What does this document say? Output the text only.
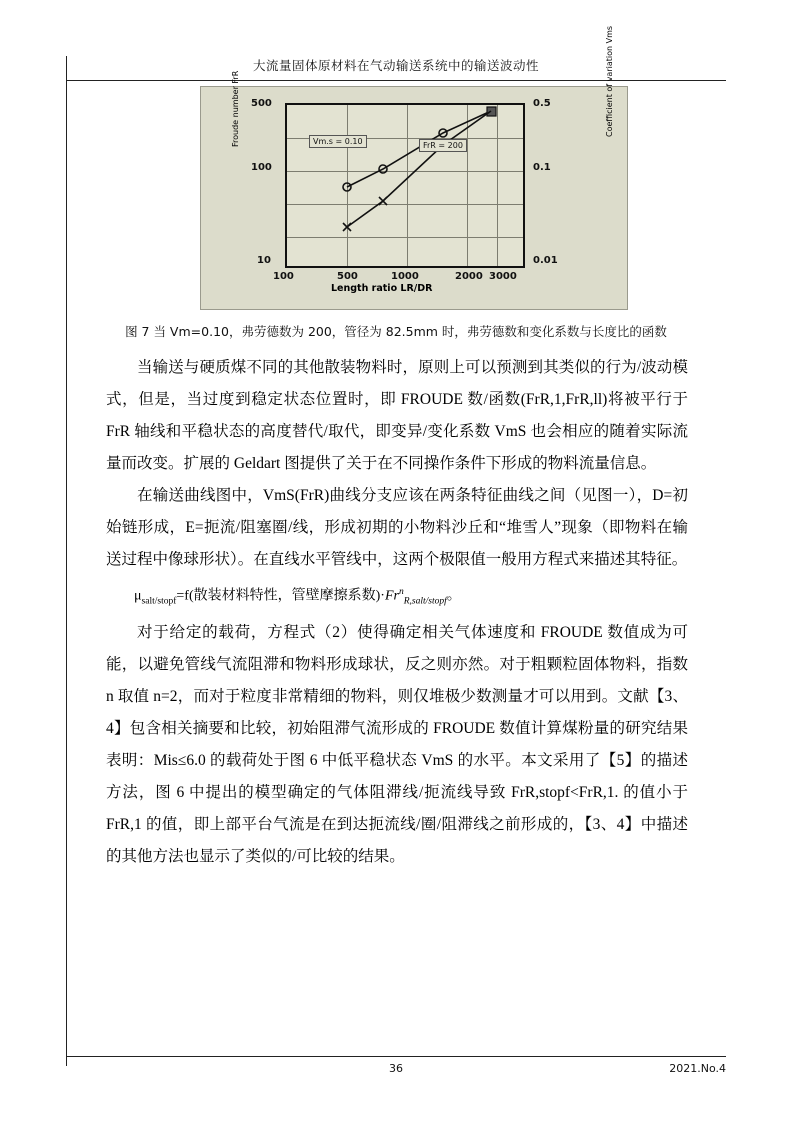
大流量固体原材料在气动输送系统中的输送波动性
Froude number FrR	Coefficient of variation Vms
Length ratio LR/DR
Vm.s = 0.10	FrR = 200
500
100
10
0.5
0.1
0.01
100	500	1000	2000 3000
图 7 当 Vm=0.10，弗劳德数为 200，管径为 82.5mm 时，弗劳德数和变化系数与长度比的函数

当输送与硬质煤不同的其他散装物料时，原则上可以预测到其类似的行为/波动模式，但是，当过度到稳定状态位置时，即 FROUDE 数/函数(FrR,1,FrR,ll)将被平行于 FrR 轴线和平稳状态的高度替代/取代，即变异/变化系数 VmS 也会相应的随着实际流量而改变。扩展的 Geldart 图提供了关于在不同操作条件下形成的物料流量信息。

在输送曲线图中，VmS(FrR)曲线分支应该在两条特征曲线之间（见图一），D=初始链形成，E=扼流/阻塞圈/线，形成初期的小物料沙丘和“堆雪人”现象（即物料在输送过程中像球形状）。在直线水平管线中，这两个极限值一般用方程式来描述其特征。

$\mu_{salt/stopf}=f$(散装材料特性，管壁摩擦系数)$\cdot Fr^n_{R,salt/stopf}$。

对于给定的载荷，方程式（2）使得确定相关气体速度和 FROUDE 数值成为可能，以避免管线气流阻滞和物料形成球状，反之则亦然。对于粗颗粒固体物料，指数 n 取值 n=2，而对于粒度非常精细的物料，则仅堆极少数测量才可以用到。文献【3、4】包含相关摘要和比较，初始阻滞气流形成的 FROUDE 数值计算煤粉量的研究结果表明：Mis≤6.0 的载荷处于图 6 中低平稳状态 VmS 的水平。本文采用了【5】的描述方法，图 6 中提出的模型确定的气体阻滞线/扼流线导致 FrR,stopf<FrR,1. 的值小于 FrR,1 的值，即上部平台气流是在到达扼流线/圈/阻滞线之前形成的，【3、4】中描述的其他方法也显示了类似的/可比较的结果。

36	2021.No.4
